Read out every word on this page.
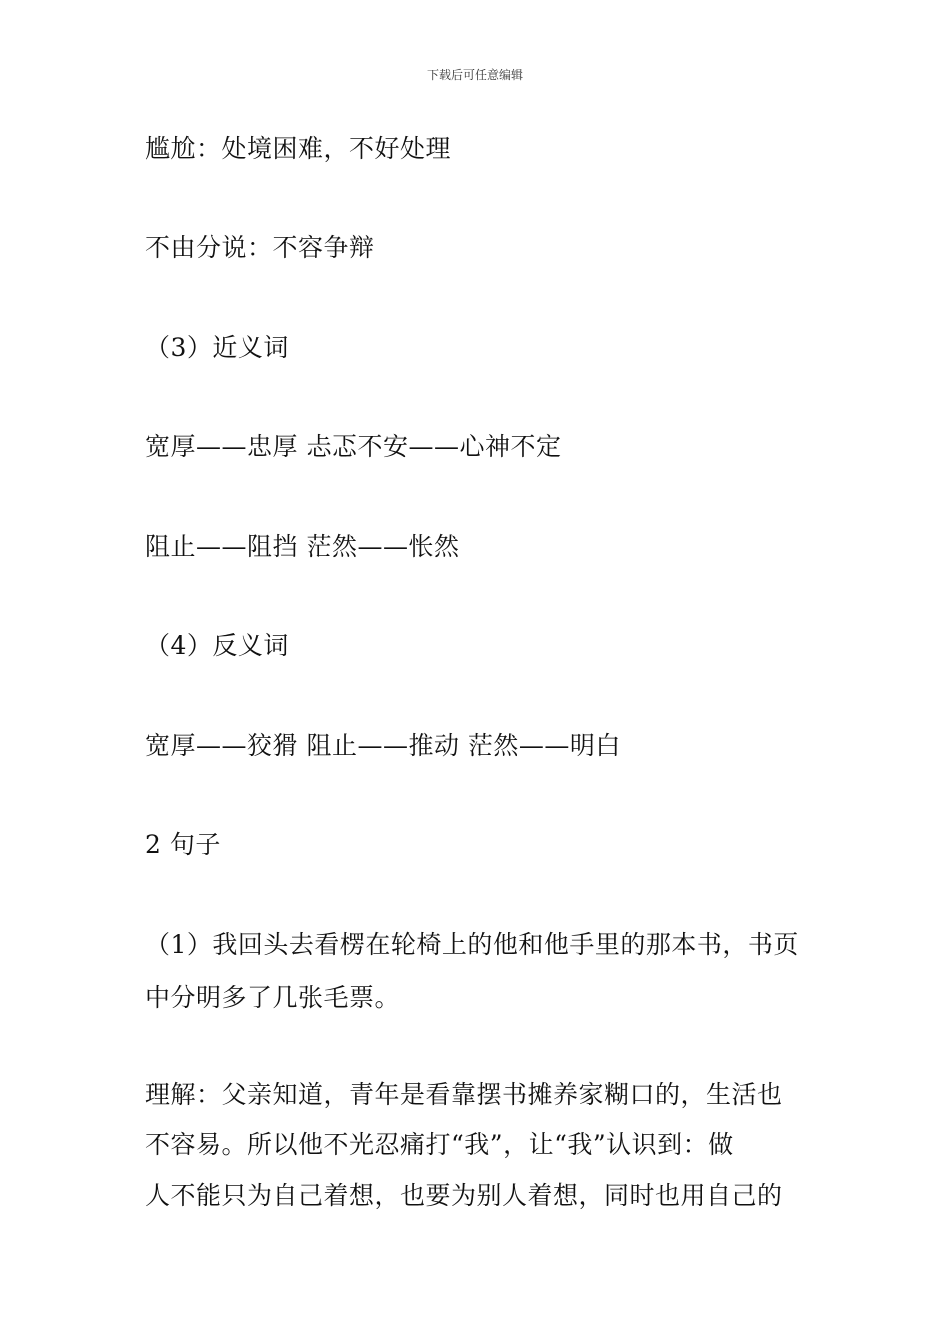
下载后可任意编辑
尴尬：处境困难，不好处理
不由分说：不容争辩
（3）近义词
宽厚——忠厚 忐忑不安——心神不定
阻止——阻挡 茫然——怅然
（4）反义词
宽厚——狡猾 阻止——推动 茫然——明白
2 句子
（1）我回头去看楞在轮椅上的他和他手里的那本书，书页
中分明多了几张毛票。
理解：父亲知道，青年是看靠摆书摊养家糊口的，生活也
不容易。所以他不光忍痛打“我”，让“我”认识到：做
人不能只为自己着想，也要为别人着想，同时也用自己的
